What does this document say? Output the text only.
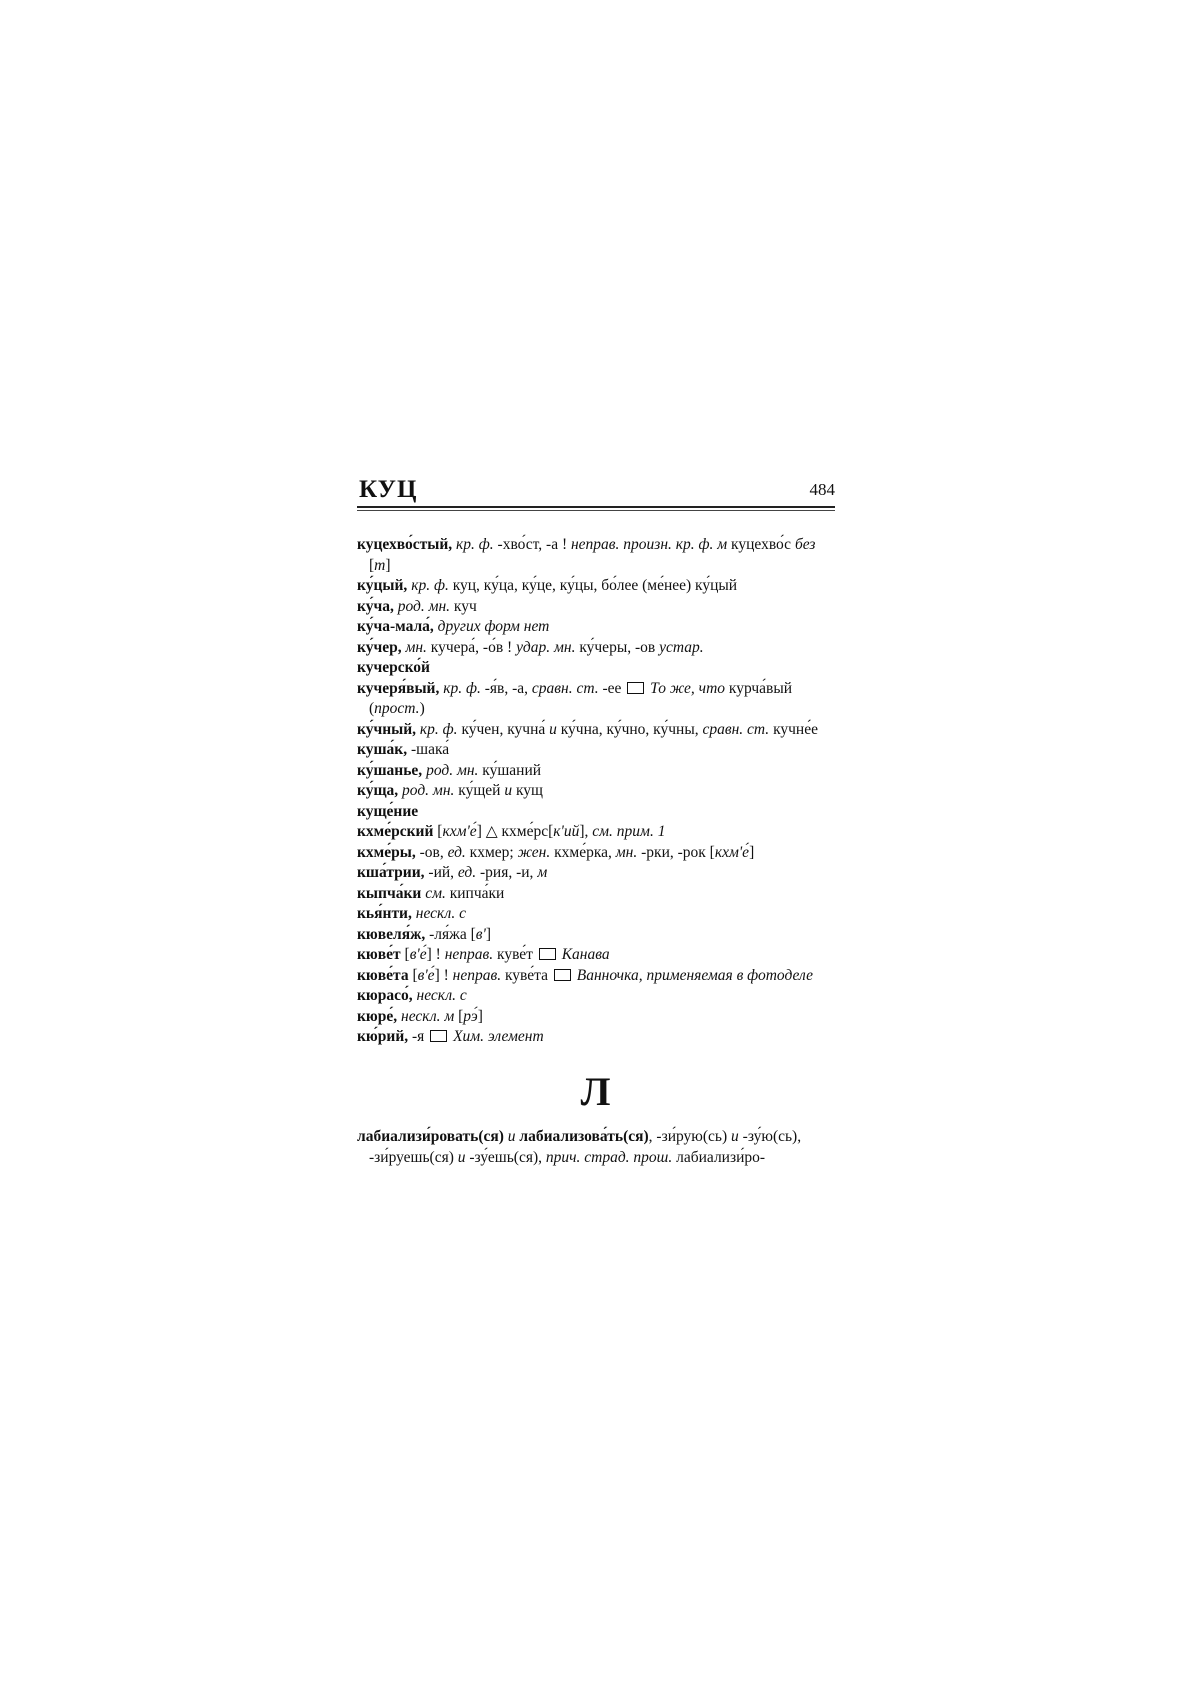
КУЦ	484

куцехво́стый, кр. ф. -хво́ст, -а ! неправ. произн. кр. ф. м куцехво́с без [т]

ку́цый, кр. ф. куц, ку́ца, ку́це, ку́цы, бо́лее (ме́нее) ку́цый

ку́ча, род. мн. куч

ку́ча-мала́, других форм нет

ку́чер, мн. кучера́, -о́в ! удар. мн. ку́черы, -ов устар.

кучерско́й

кучеря́вый, кр. ф. -я́в, -а, сравн. ст. -ее  То же, что курча́вый (прост.)

ку́чный, кр. ф. ку́чен, кучна́ и ку́чна, ку́чно, ку́чны, сравн. ст. кучне́е

куша́к, -шака́

ку́шанье, род. мн. ку́шаний

ку́ща, род. мн. ку́щей и кущ

куще́ние

кхме́рский [кхм'е́] △ кхме́рс[к'ий], см. прим. 1

кхме́ры, -ов, ед. кхмер; жен. кхме́рка, мн. -рки, -рок [кхм'е́]

кша́трии, -ий, ед. -рия, -и, м

кыпча́ки см. кипча́ки

кья́нти, нескл. с

кювеля́ж, -ля́жа [в']

кюве́т [в'е́] ! неправ. куве́т  Канава

кюве́та [в'е́] ! неправ. куве́та  Ванночка, применяемая в фотоделе

кюрасо́, нескл. с

кюре́, нескл. м [рэ́]

кю́рий, -я  Хим. элемент

Л

лабиализи́ровать(ся) и лабиализова́ть(ся), -зи́рую(сь) и -зу́ю(сь), -зи́руешь(ся) и -зу́ешь(ся), прич. страд. прош. лабиализи́ро-
